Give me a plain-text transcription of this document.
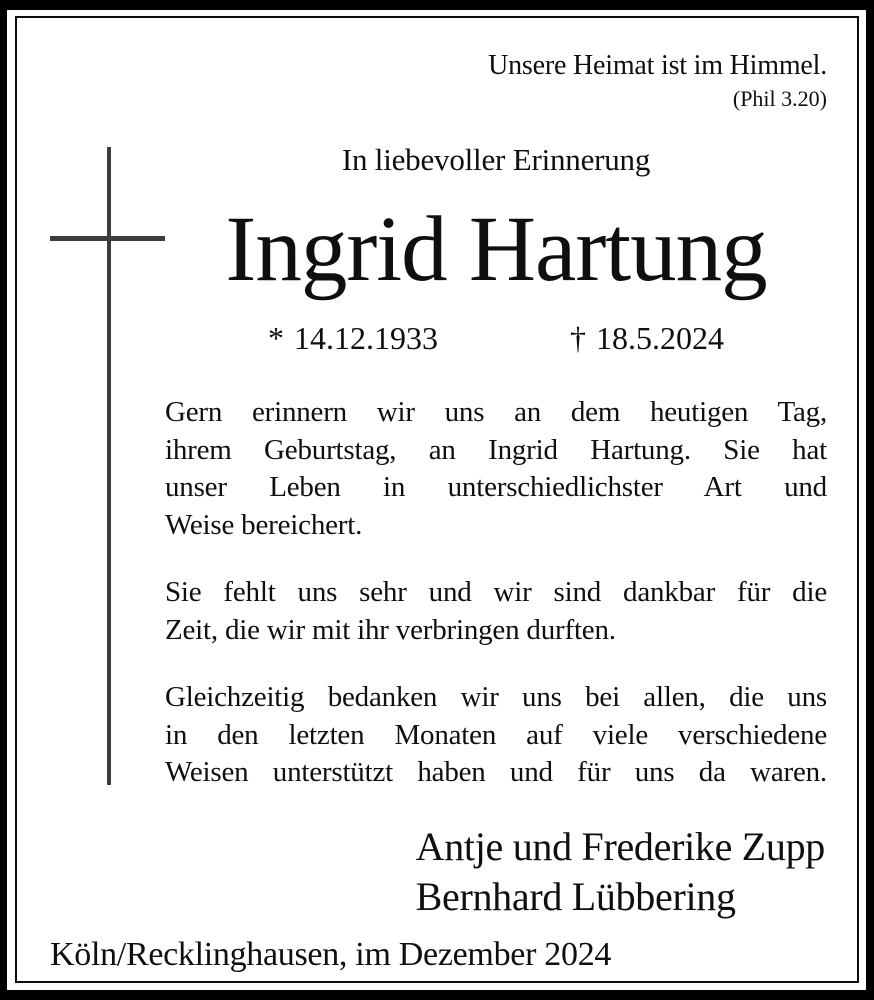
Unsere Heimat ist im Himmel.
(Phil 3.20)
In liebevoller Erinnerung
Ingrid Hartung
* 14.12.1933	† 18.5.2024
Gern erinnern wir uns an dem heutigen Tag,
ihrem Geburtstag, an Ingrid Hartung. Sie hat
unser Leben in unterschiedlichster Art und
Weise bereichert.
Sie fehlt uns sehr und wir sind dankbar für die
Zeit, die wir mit ihr verbringen durften.
Gleichzeitig bedanken wir uns bei allen, die uns
in den letzten Monaten auf viele verschiedene
Weisen unterstützt haben und für uns da waren.
Antje und Frederike Zupp
Bernhard Lübbering
Köln/Recklinghausen, im Dezember 2024
